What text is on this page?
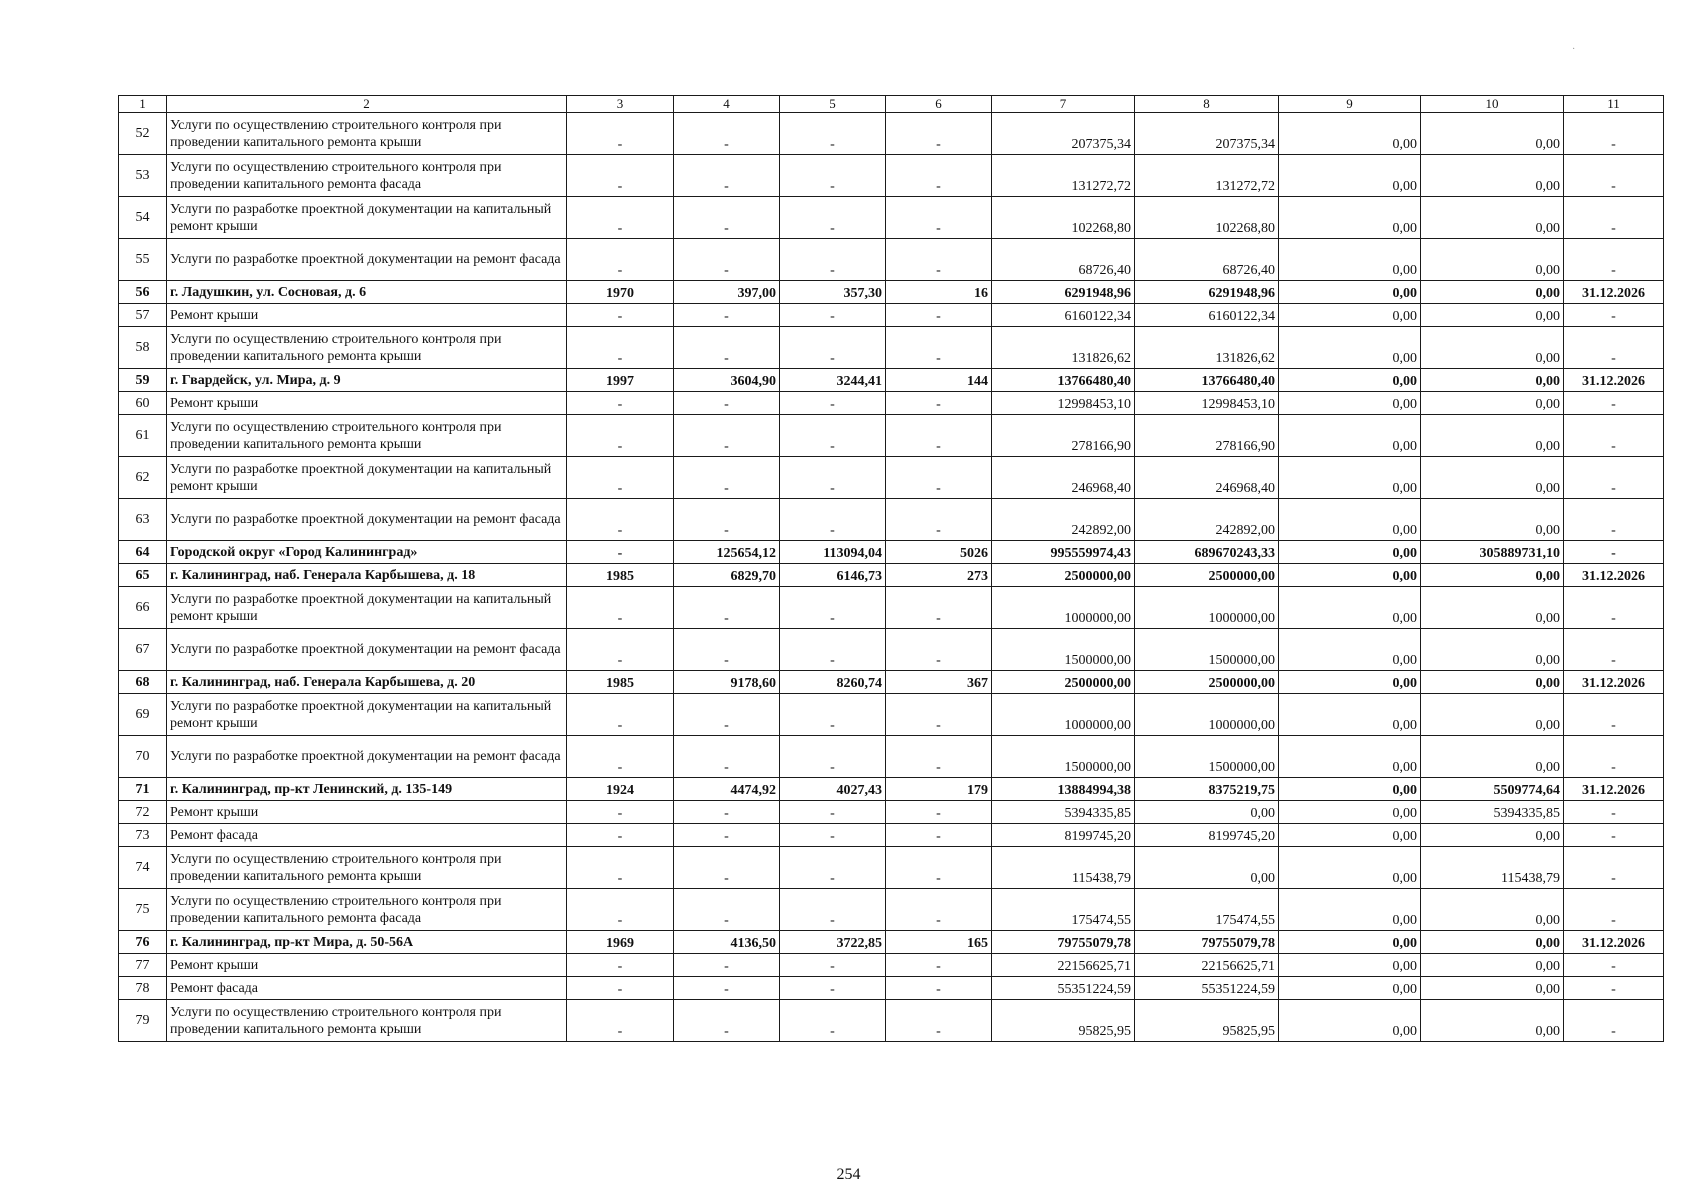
1	2	3	4	5	6	7	8	9	10	11
52	Услуги по осуществлению строительного контроля при проведении капитального ремонта крыши	-	-	-	-	207375,34	207375,34	0,00	0,00	-
53	Услуги по осуществлению строительного контроля при проведении капитального ремонта фасада	-	-	-	-	131272,72	131272,72	0,00	0,00	-
54	Услуги по разработке проектной документации на капитальный ремонт крыши	-	-	-	-	102268,80	102268,80	0,00	0,00	-
55	Услуги по разработке проектной документации на ремонт фасада	-	-	-	-	68726,40	68726,40	0,00	0,00	-
56	г. Ладушкин, ул. Сосновая, д. 6	1970	397,00	357,30	16	6291948,96	6291948,96	0,00	0,00	31.12.2026
57	Ремонт крыши	-	-	-	-	6160122,34	6160122,34	0,00	0,00	-
58	Услуги по осуществлению строительного контроля при проведении капитального ремонта крыши	-	-	-	-	131826,62	131826,62	0,00	0,00	-
59	г. Гвардейск, ул. Мира, д. 9	1997	3604,90	3244,41	144	13766480,40	13766480,40	0,00	0,00	31.12.2026
60	Ремонт крыши	-	-	-	-	12998453,10	12998453,10	0,00	0,00	-
61	Услуги по осуществлению строительного контроля при проведении капитального ремонта крыши	-	-	-	-	278166,90	278166,90	0,00	0,00	-
62	Услуги по разработке проектной документации на капитальный ремонт крыши	-	-	-	-	246968,40	246968,40	0,00	0,00	-
63	Услуги по разработке проектной документации на ремонт фасада	-	-	-	-	242892,00	242892,00	0,00	0,00	-
64	Городской округ «Город Калининград»	-	125654,12	113094,04	5026	995559974,43	689670243,33	0,00	305889731,10	-
65	г. Калининград, наб. Генерала Карбышева, д. 18	1985	6829,70	6146,73	273	2500000,00	2500000,00	0,00	0,00	31.12.2026
66	Услуги по разработке проектной документации на капитальный ремонт крыши	-	-	-	-	1000000,00	1000000,00	0,00	0,00	-
67	Услуги по разработке проектной документации на ремонт фасада	-	-	-	-	1500000,00	1500000,00	0,00	0,00	-
68	г. Калининград, наб. Генерала Карбышева, д. 20	1985	9178,60	8260,74	367	2500000,00	2500000,00	0,00	0,00	31.12.2026
69	Услуги по разработке проектной документации на капитальный ремонт крыши	-	-	-	-	1000000,00	1000000,00	0,00	0,00	-
70	Услуги по разработке проектной документации на ремонт фасада	-	-	-	-	1500000,00	1500000,00	0,00	0,00	-
71	г. Калининград, пр-кт Ленинский, д. 135-149	1924	4474,92	4027,43	179	13884994,38	8375219,75	0,00	5509774,64	31.12.2026
72	Ремонт крыши	-	-	-	-	5394335,85	0,00	0,00	5394335,85	-
73	Ремонт фасада	-	-	-	-	8199745,20	8199745,20	0,00	0,00	-
74	Услуги по осуществлению строительного контроля при проведении капитального ремонта крыши	-	-	-	-	115438,79	0,00	0,00	115438,79	-
75	Услуги по осуществлению строительного контроля при проведении капитального ремонта фасада	-	-	-	-	175474,55	175474,55	0,00	0,00	-
76	г. Калининград, пр-кт Мира, д. 50-56А	1969	4136,50	3722,85	165	79755079,78	79755079,78	0,00	0,00	31.12.2026
77	Ремонт крыши	-	-	-	-	22156625,71	22156625,71	0,00	0,00	-
78	Ремонт фасада	-	-	-	-	55351224,59	55351224,59	0,00	0,00	-
79	Услуги по осуществлению строительного контроля при проведении капитального ремонта крыши	-	-	-	-	95825,95	95825,95	0,00	0,00	-
254
·
